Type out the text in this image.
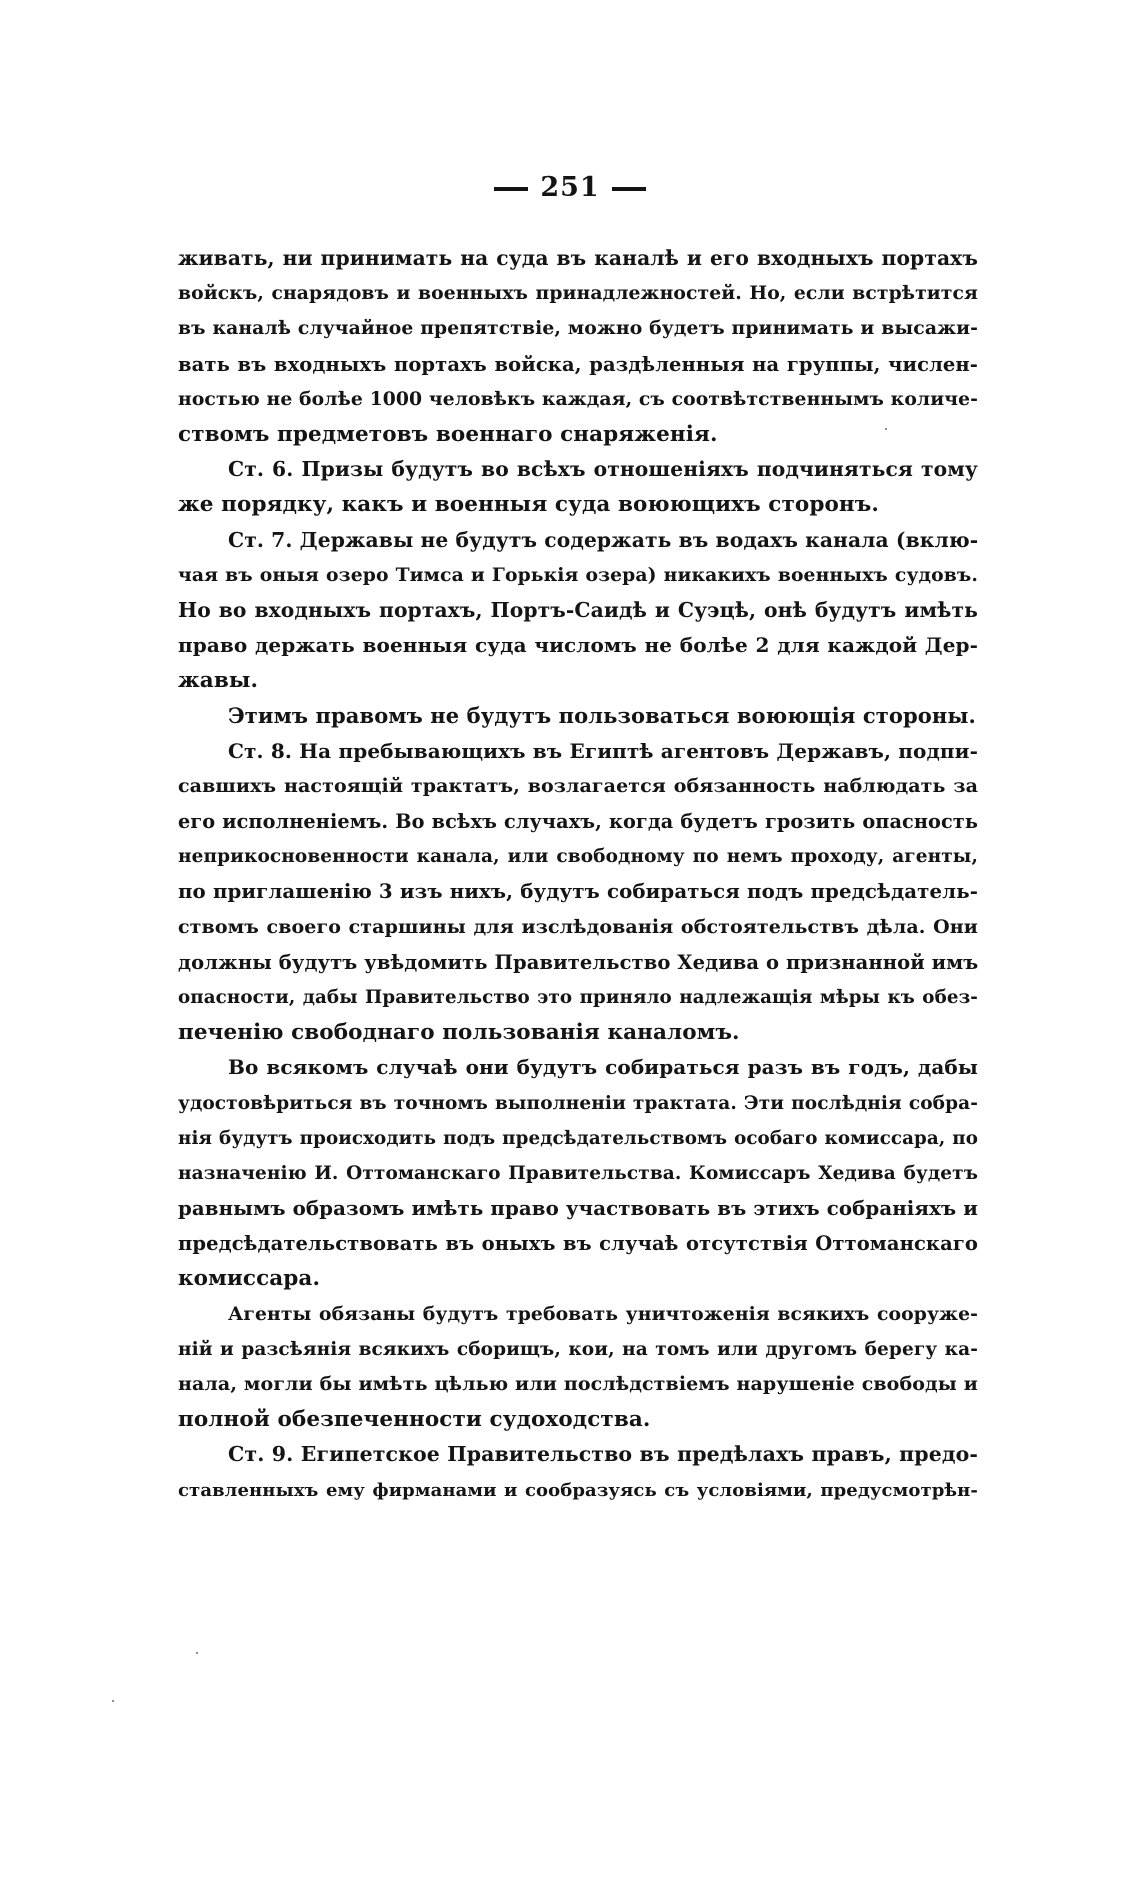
251
живать, ни принимать на суда въ каналѣ и его входныхъ портахъ
войскъ, снарядовъ и военныхъ принадлежностей. Но, если встрѣтится
въ каналѣ случайное препятствіе, можно будетъ принимать и высажи-
вать въ входныхъ портахъ войска, раздѣленныя на группы, числен-
ностью не болѣе 1000 человѣкъ каждая, съ соотвѣтственнымъ количе-
ствомъ предметовъ военнаго снаряженія.
Ст. 6. Призы будутъ во всѣхъ отношеніяхъ подчиняться тому
же порядку, какъ и военныя суда воюющихъ сторонъ.
Ст. 7. Державы не будутъ содержать въ водахъ канала (вклю-
чая въ оныя озеро Тимса и Горькія озера) никакихъ военныхъ судовъ.
Но во входныхъ портахъ, Портъ-Саидѣ и Суэцѣ, онѣ будутъ имѣть
право держать военныя суда числомъ не болѣе 2 для каждой Дер-
жавы.
Этимъ правомъ не будутъ пользоваться воюющія стороны.
Ст. 8. На пребывающихъ въ Египтѣ агентовъ Державъ, подпи-
савшихъ настоящій трактатъ, возлагается обязанность наблюдать за
его исполненіемъ. Во всѣхъ случахъ, когда будетъ грозить опасность
неприкосновенности канала, или свободному по немъ проходу, агенты,
по приглашенію 3 изъ нихъ, будутъ собираться подъ предсѣдатель-
ствомъ своего старшины для изслѣдованія обстоятельствъ дѣла. Они
должны будутъ увѣдомить Правительство Хедива о признанной имъ
опасности, дабы Правительство это приняло надлежащія мѣры къ обез-
печенію свободнаго пользованія каналомъ.
Во всякомъ случаѣ они будутъ собираться разъ въ годъ, дабы
удостовѣриться въ точномъ выполненіи трактата. Эти послѣднія собра-
нія будутъ происходить подъ предсѣдательствомъ особаго комиссара, по
назначенію И. Оттоманскаго Правительства. Комиссаръ Хедива будетъ
равнымъ образомъ имѣть право участвовать въ этихъ собраніяхъ и
предсѣдательствовать въ оныхъ въ случаѣ отсутствія Оттоманскаго
комиссара.
Агенты обязаны будутъ требовать уничтоженія всякихъ сооруже-
ній и разсѣянія всякихъ сборищъ, кои, на томъ или другомъ берегу ка-
нала, могли бы имѣть цѣлью или послѣдствіемъ нарушеніе свободы и
полной обезпеченности судоходства.
Ст. 9. Египетское Правительство въ предѣлахъ правъ, предо-
ставленныхъ ему фирманами и сообразуясь съ условіями, предусмотрѣн-
